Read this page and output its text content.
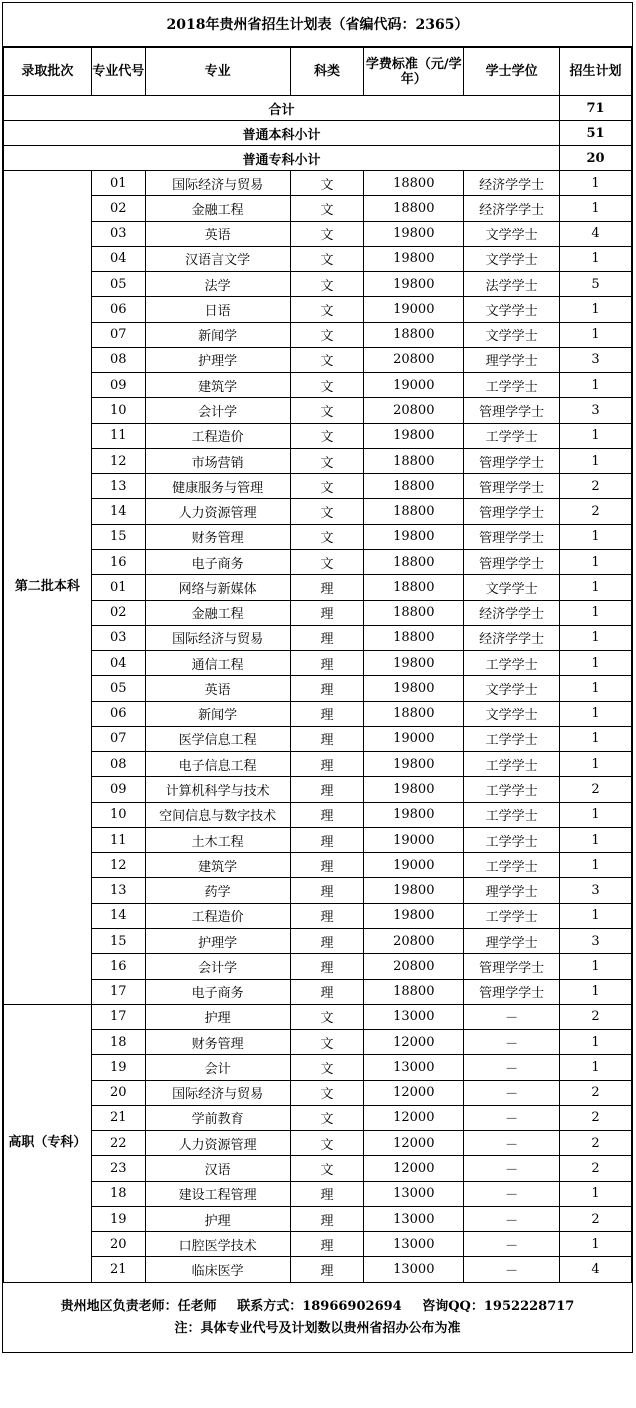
2018年贵州省招生计划表（省编代码：2365）
录取批次	专业代号	专业	科类	学费标准（元/学年）	学士学位	招生计划
合计						71
普通本科小计						51
普通专科小计						20
第二批本科	01	国际经济与贸易	文	18800	经济学学士	1
	02	金融工程	文	18800	经济学学士	1
	03	英语	文	19800	文学学士	4
	04	汉语言文学	文	19800	文学学士	1
	05	法学	文	19800	法学学士	5
	06	日语	文	19000	文学学士	1
	07	新闻学	文	18800	文学学士	1
	08	护理学	文	20800	理学学士	3
	09	建筑学	文	19000	工学学士	1
	10	会计学	文	20800	管理学学士	3
	11	工程造价	文	19800	工学学士	1
	12	市场营销	文	18800	管理学学士	1
	13	健康服务与管理	文	18800	管理学学士	2
	14	人力资源管理	文	18800	管理学学士	2
	15	财务管理	文	19800	管理学学士	1
	16	电子商务	文	18800	管理学学士	1
	01	网络与新媒体	理	18800	文学学士	1
	02	金融工程	理	18800	经济学学士	1
	03	国际经济与贸易	理	18800	经济学学士	1
	04	通信工程	理	19800	工学学士	1
	05	英语	理	19800	文学学士	1
	06	新闻学	理	18800	文学学士	1
	07	医学信息工程	理	19000	工学学士	1
	08	电子信息工程	理	19800	工学学士	1
	09	计算机科学与技术	理	19800	工学学士	2
	10	空间信息与数字技术	理	19800	工学学士	1
	11	土木工程	理	19000	工学学士	1
	12	建筑学	理	19000	工学学士	1
	13	药学	理	19800	理学学士	3
	14	工程造价	理	19800	工学学士	1
	15	护理学	理	20800	理学学士	3
	16	会计学	理	20800	管理学学士	1
	17	电子商务	理	18800	管理学学士	1
高职（专科）	17	护理	文	13000	－	2
	18	财务管理	文	12000	－	1
	19	会计	文	13000	－	1
	20	国际经济与贸易	文	12000	－	2
	21	学前教育	文	12000	－	2
	22	人力资源管理	文	12000	－	2
	23	汉语	文	12000	－	2
	18	建设工程管理	理	13000	－	1
	19	护理	理	13000	－	2
	20	口腔医学技术	理	13000	－	1
	21	临床医学	理	13000	－	4
贵州地区负责老师：任老师 联系方式：18966902694 咨询QQ：1952228717
注：具体专业代号及计划数以贵州省招办公布为准
